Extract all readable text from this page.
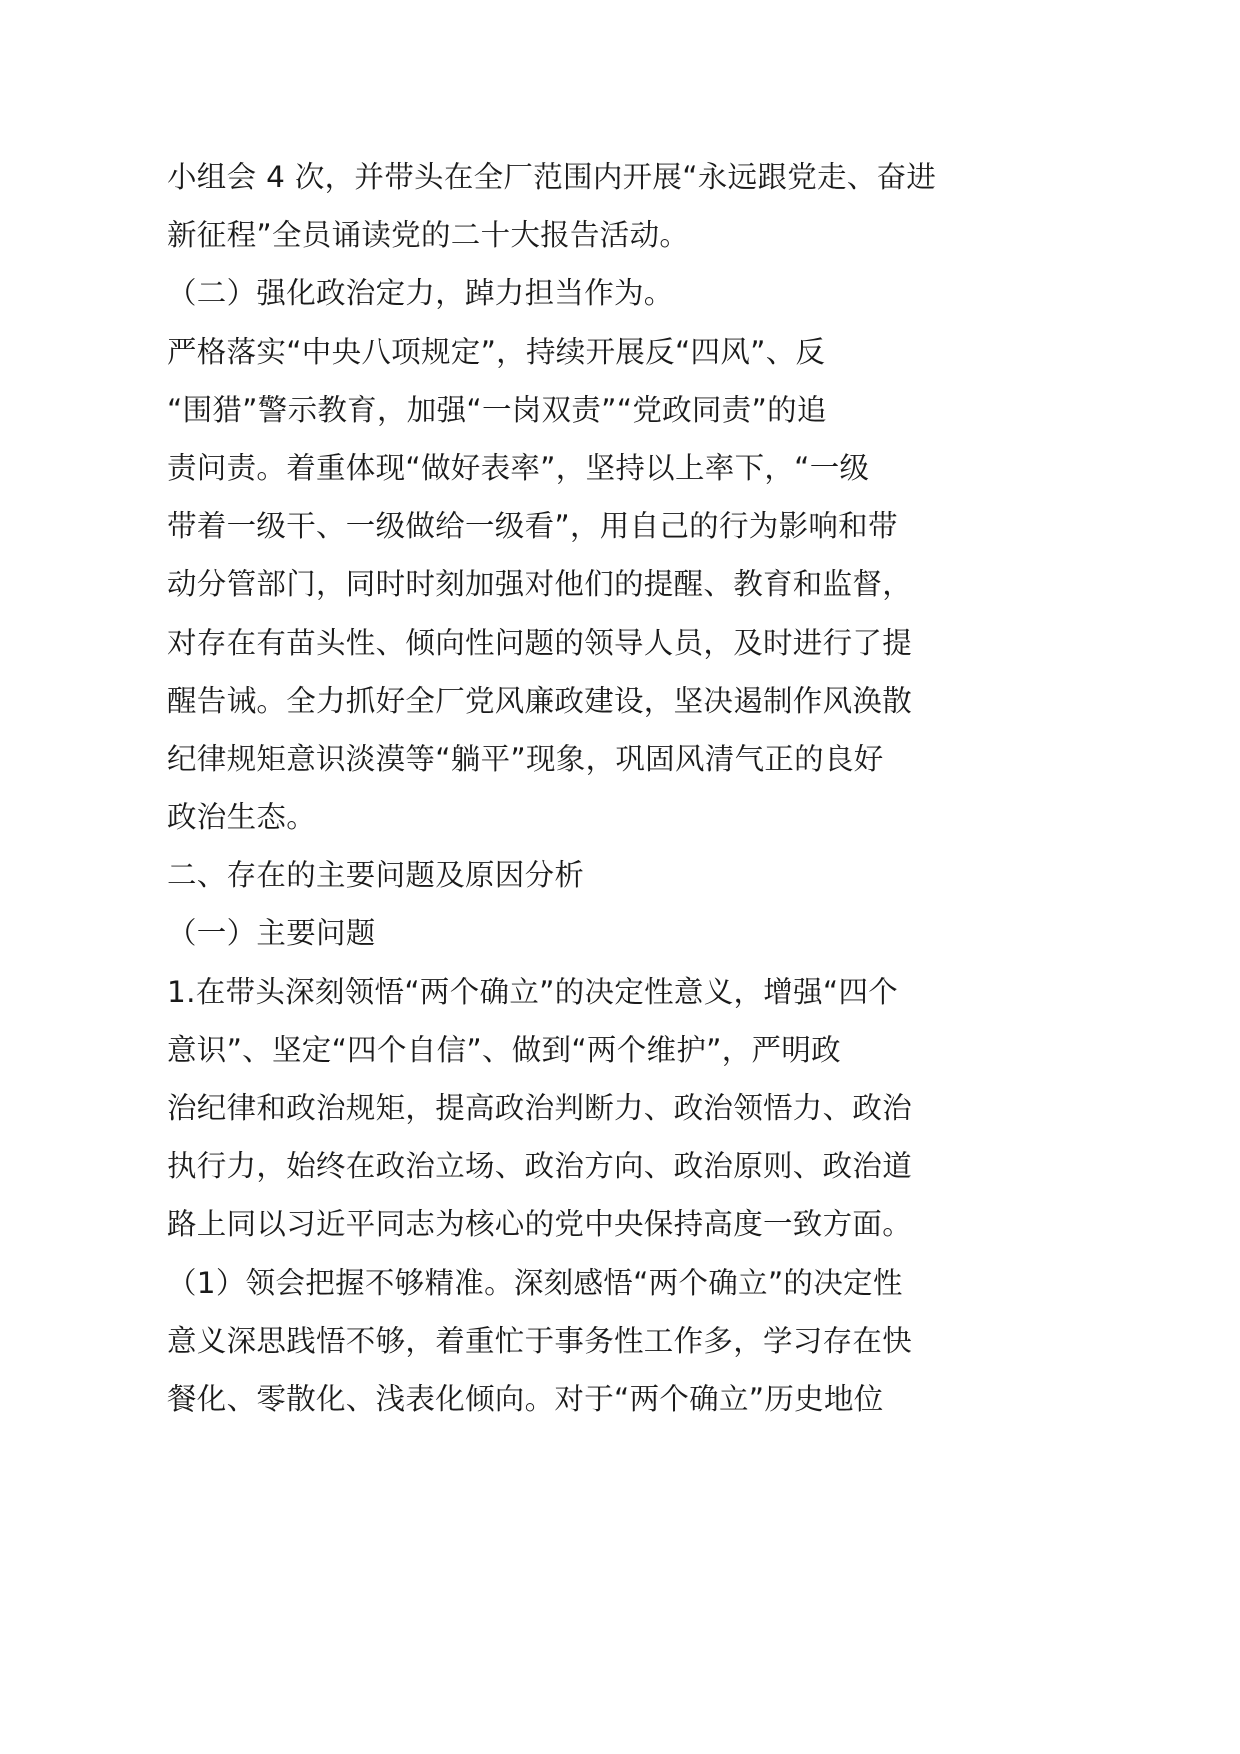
小组会 4 次，并带头在全厂范围内开展“永远跟党走、奋进
新征程”全员诵读党的二十大报告活动。
（二）强化政治定力，踔力担当作为。
严格落实“中央八项规定”，持续开展反“四风”、反
“围猎”警示教育，加强“一岗双责”“党政同责”的追
责问责。着重体现“做好表率”，坚持以上率下，“一级
带着一级干、一级做给一级看”，用自己的行为影响和带
动分管部门，同时时刻加强对他们的提醒、教育和监督，
对存在有苗头性、倾向性问题的领导人员，及时进行了提
醒告诫。全力抓好全厂党风廉政建设，坚决遏制作风涣散
纪律规矩意识淡漠等“躺平”现象，巩固风清气正的良好
政治生态。
二、存在的主要问题及原因分析
（一）主要问题
1.在带头深刻领悟“两个确立”的决定性意义，增强“四个
意识”、坚定“四个自信”、做到“两个维护”，严明政
治纪律和政治规矩，提高政治判断力、政治领悟力、政治
执行力，始终在政治立场、政治方向、政治原则、政治道
路上同以习近平同志为核心的党中央保持高度一致方面。
（1）领会把握不够精准。深刻感悟“两个确立”的决定性
意义深思践悟不够，着重忙于事务性工作多，学习存在快
餐化、零散化、浅表化倾向。对于“两个确立”历史地位
